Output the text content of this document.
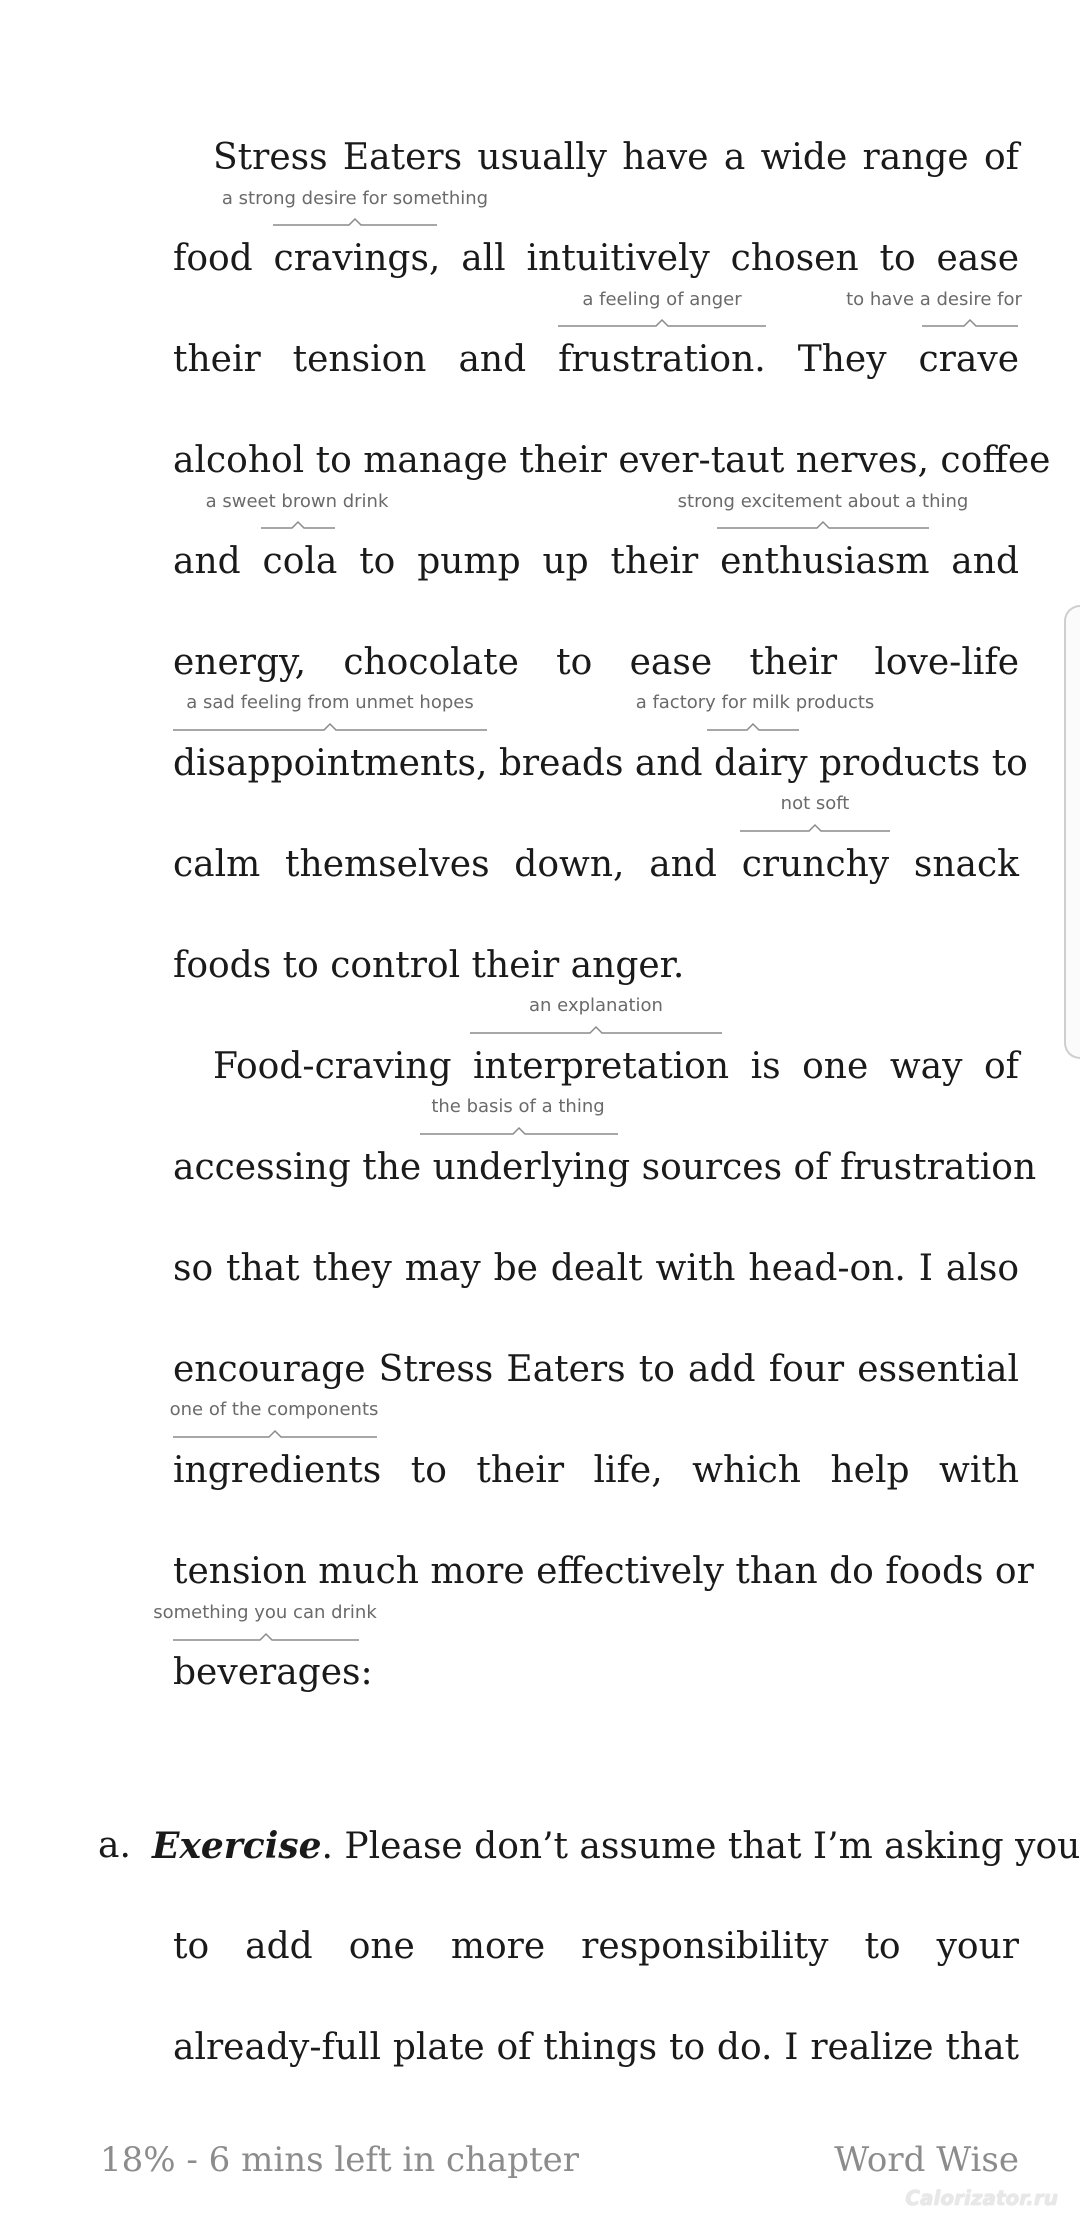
Stress Eaters usually have a wide range of
food cravings, all intuitively chosen to ease
their tension and frustration. They crave
alcohol to manage their ever-taut nerves, coffee
and cola to pump up their enthusiasm and
energy, chocolate to ease their love-life
disappointments, breads and dairy products to
calm themselves down, and crunchy snack
foods to control their anger.
Food-craving interpretation is one way of
accessing the underlying sources of frustration
so that they may be dealt with head-on. I also
encourage Stress Eaters to add four essential
ingredients to their life, which help with
tension much more effectively than do foods or
beverages:
a. Exercise. Please don’t assume that I’m asking you
to add one more responsibility to your
already-full plate of things to do. I realize that
a strong desire for something
a feeling of anger	to have a desire for
a sweet brown drink	strong excitement about a thing
a sad feeling from unmet hopes	a factory for milk products
not soft
an explanation
the basis of a thing
one of the components
something you can drink
18% - 6 mins left in chapter	Word Wise
Calorizator.ru
